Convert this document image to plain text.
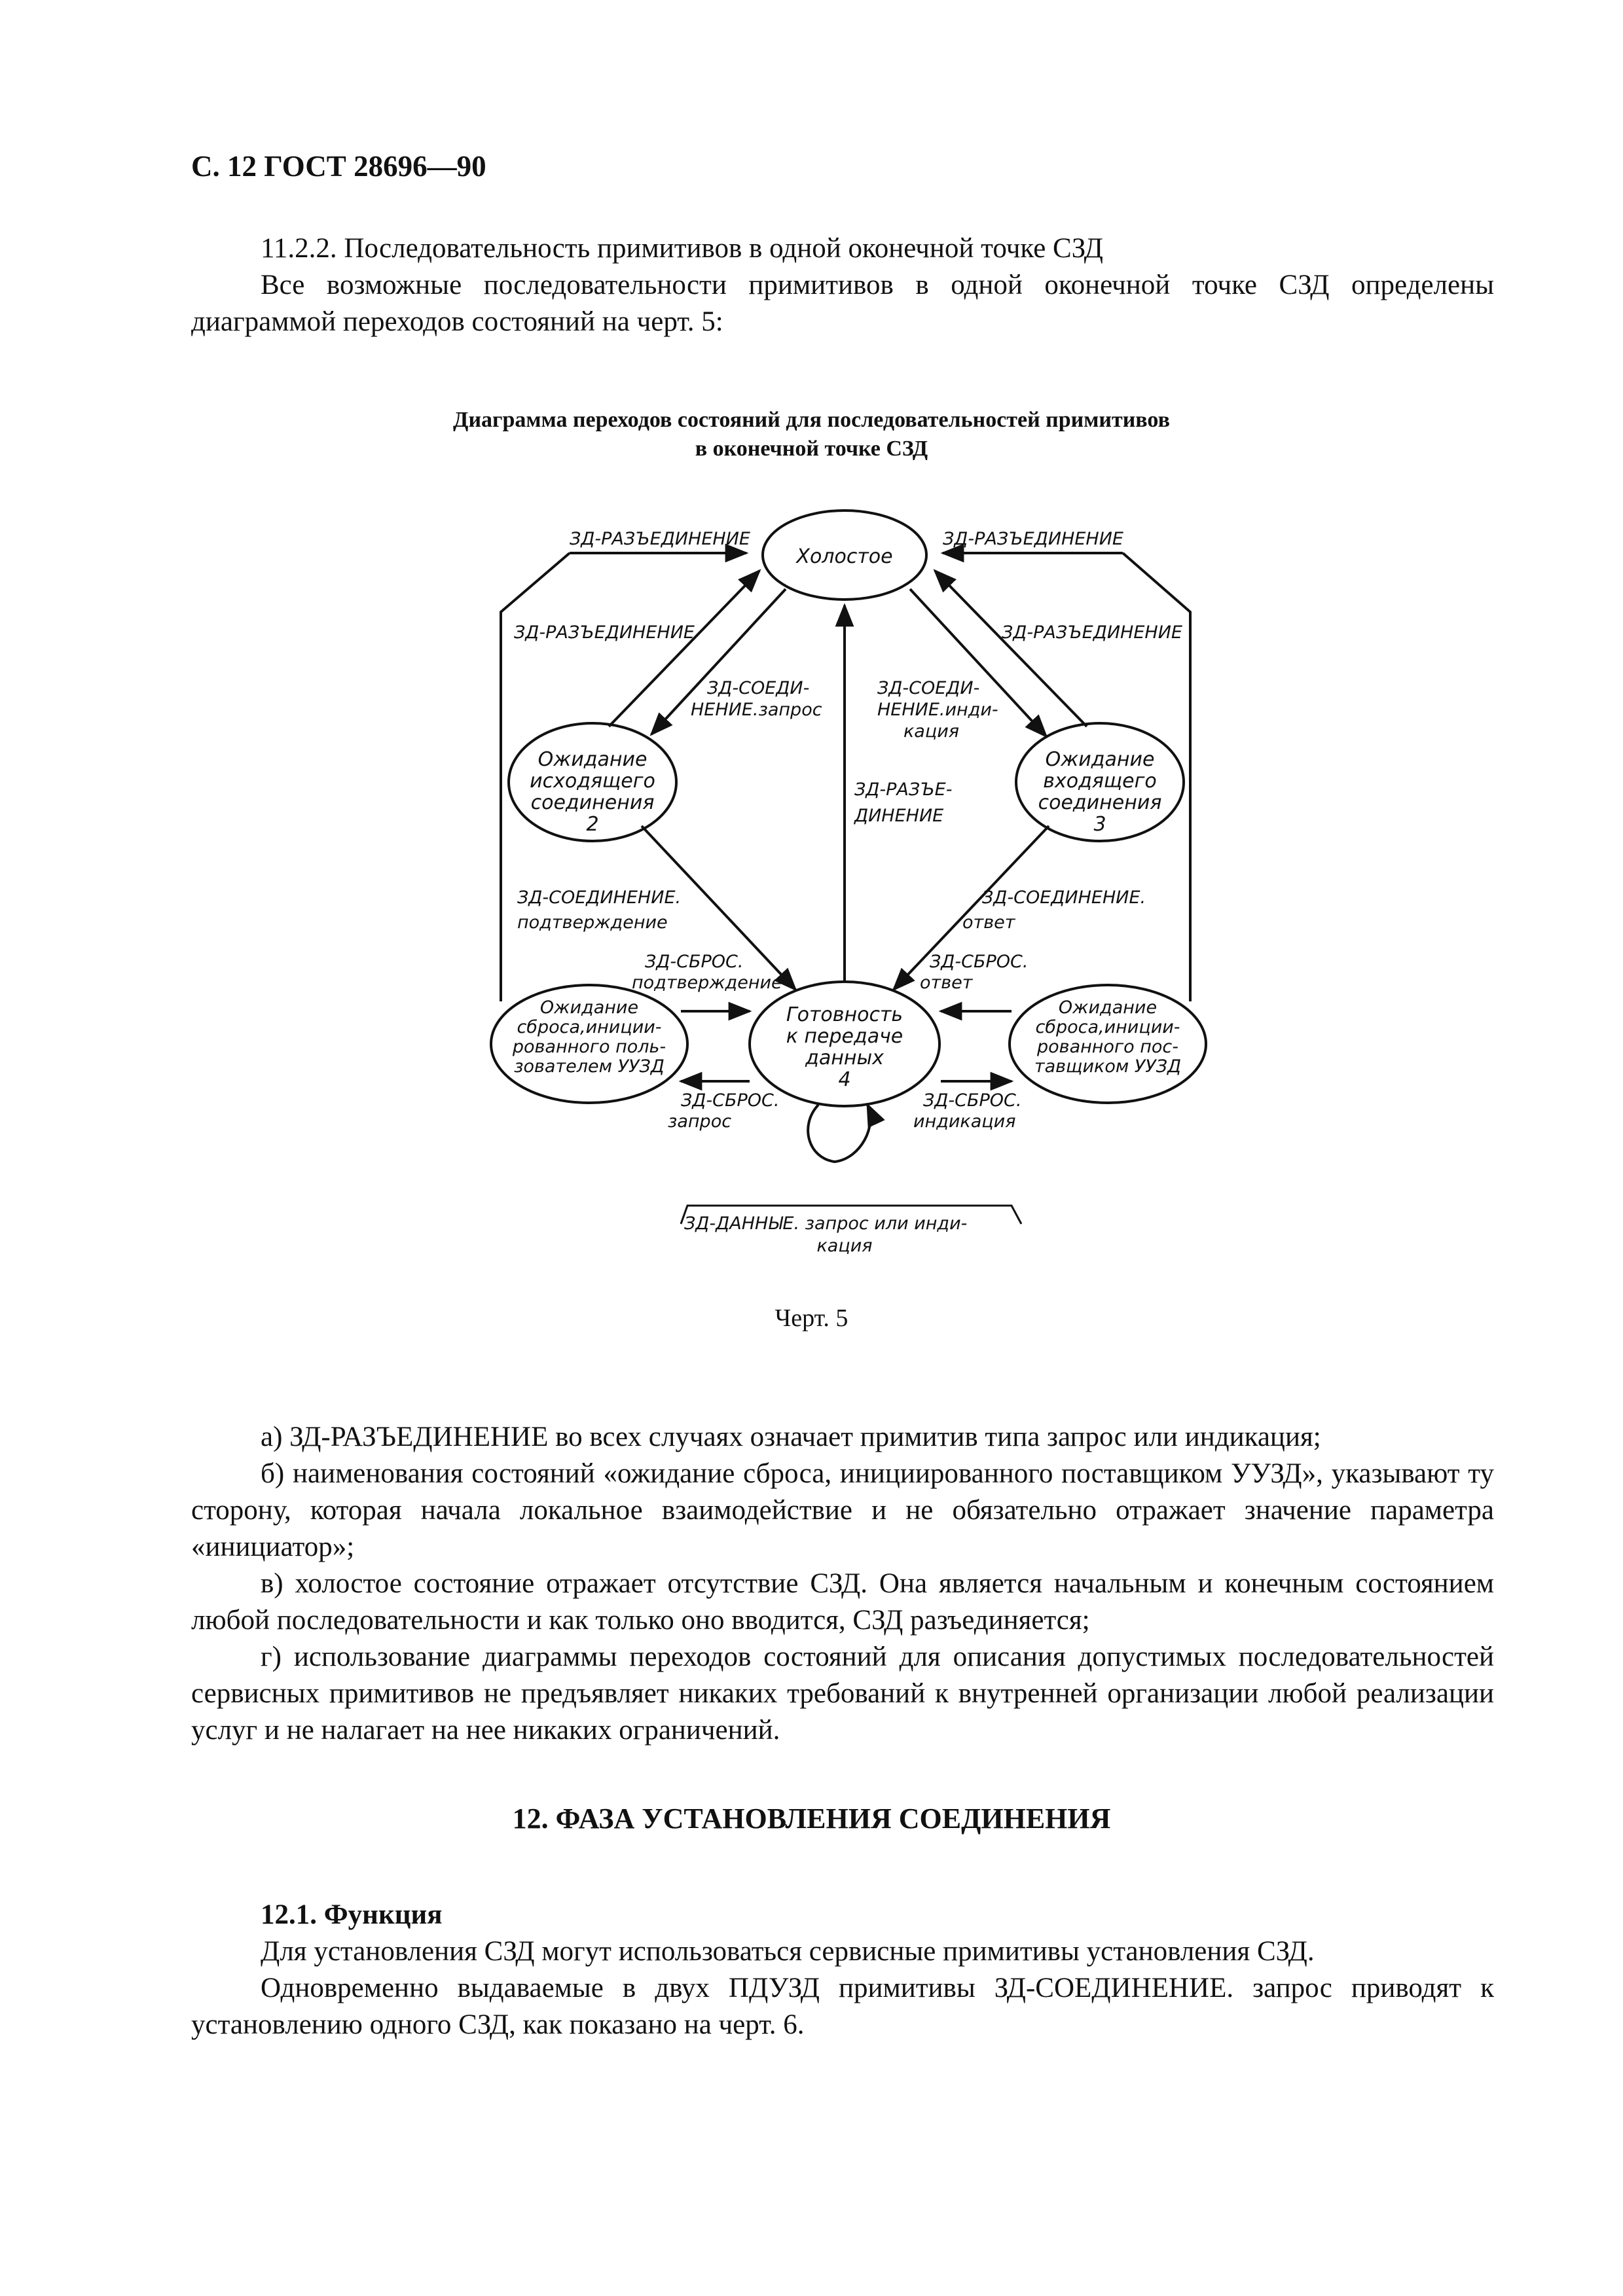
С. 12 ГОСТ 28696—90
11.2.2. Последовательность примитивов в одной оконечной точке СЗД
Все возможные последовательности примитивов в одной оконечной точке СЗД определены диаграммой переходов состояний на черт. 5:
Диаграмма переходов состояний для последовательностей примитивов
в оконечной точке СЗД
Холостое
Ожидание
исходящего
соединения
2
Ожидание
входящего
соединения
3
Готовность
к передаче
данных
4
Ожидание
сброса,иниции-
рованного поль-
зователем УУЗД
Ожидание
сброса,иниции-
рованного пос-
тавщиком УУЗД
ЗД-РАЗЪЕДИНЕНИЕ	ЗД-РАЗЪЕДИНЕНИЕ
ЗД-РАЗЪЕДИНЕНИЕ	ЗД-РАЗЪЕДИНЕНИЕ
ЗД-СОЕДИ-
НЕНИЕ.запрос
ЗД-СОЕДИ-
НЕНИЕ.инди-
кация
ЗД-РАЗЪЕ-
ДИНЕНИЕ
ЗД-СОЕДИНЕНИЕ.
подтверждение
ЗД-СОЕДИНЕНИЕ.
ответ
ЗД-СБРОС.
подтверждение
ЗД-СБРОС.
ответ
ЗД-СБРОС.
запрос
ЗД-СБРОС.
индикация
ЗД-ДАННЫЕ. запрос или инди-
кация
Черт. 5
а) ЗД-РАЗЪЕДИНЕНИЕ во всех случаях означает примитив типа запрос или индикация;
б) наименования состояний «ожидание сброса, инициированного поставщиком УУЗД», указывают ту сторону, которая начала локальное взаимодействие и не обязательно отражает значение параметра «инициатор»;
в) холостое состояние отражает отсутствие СЗД. Она является начальным и конечным состоянием любой последовательности и как только оно вводится, СЗД разъединяется;
г) использование диаграммы переходов состояний для описания допустимых последовательностей сервисных примитивов не предъявляет никаких требований к внутренней организации любой реализации услуг и не налагает на нее никаких ограничений.
12. ФАЗА УСТАНОВЛЕНИЯ СОЕДИНЕНИЯ
12.1. Функция
Для установления СЗД могут использоваться сервисные примитивы установления СЗД.
Одновременно выдаваемые в двух ПДУЗД примитивы ЗД-СОЕДИНЕНИЕ. запрос приводят к установлению одного СЗД, как показано на черт. 6.
